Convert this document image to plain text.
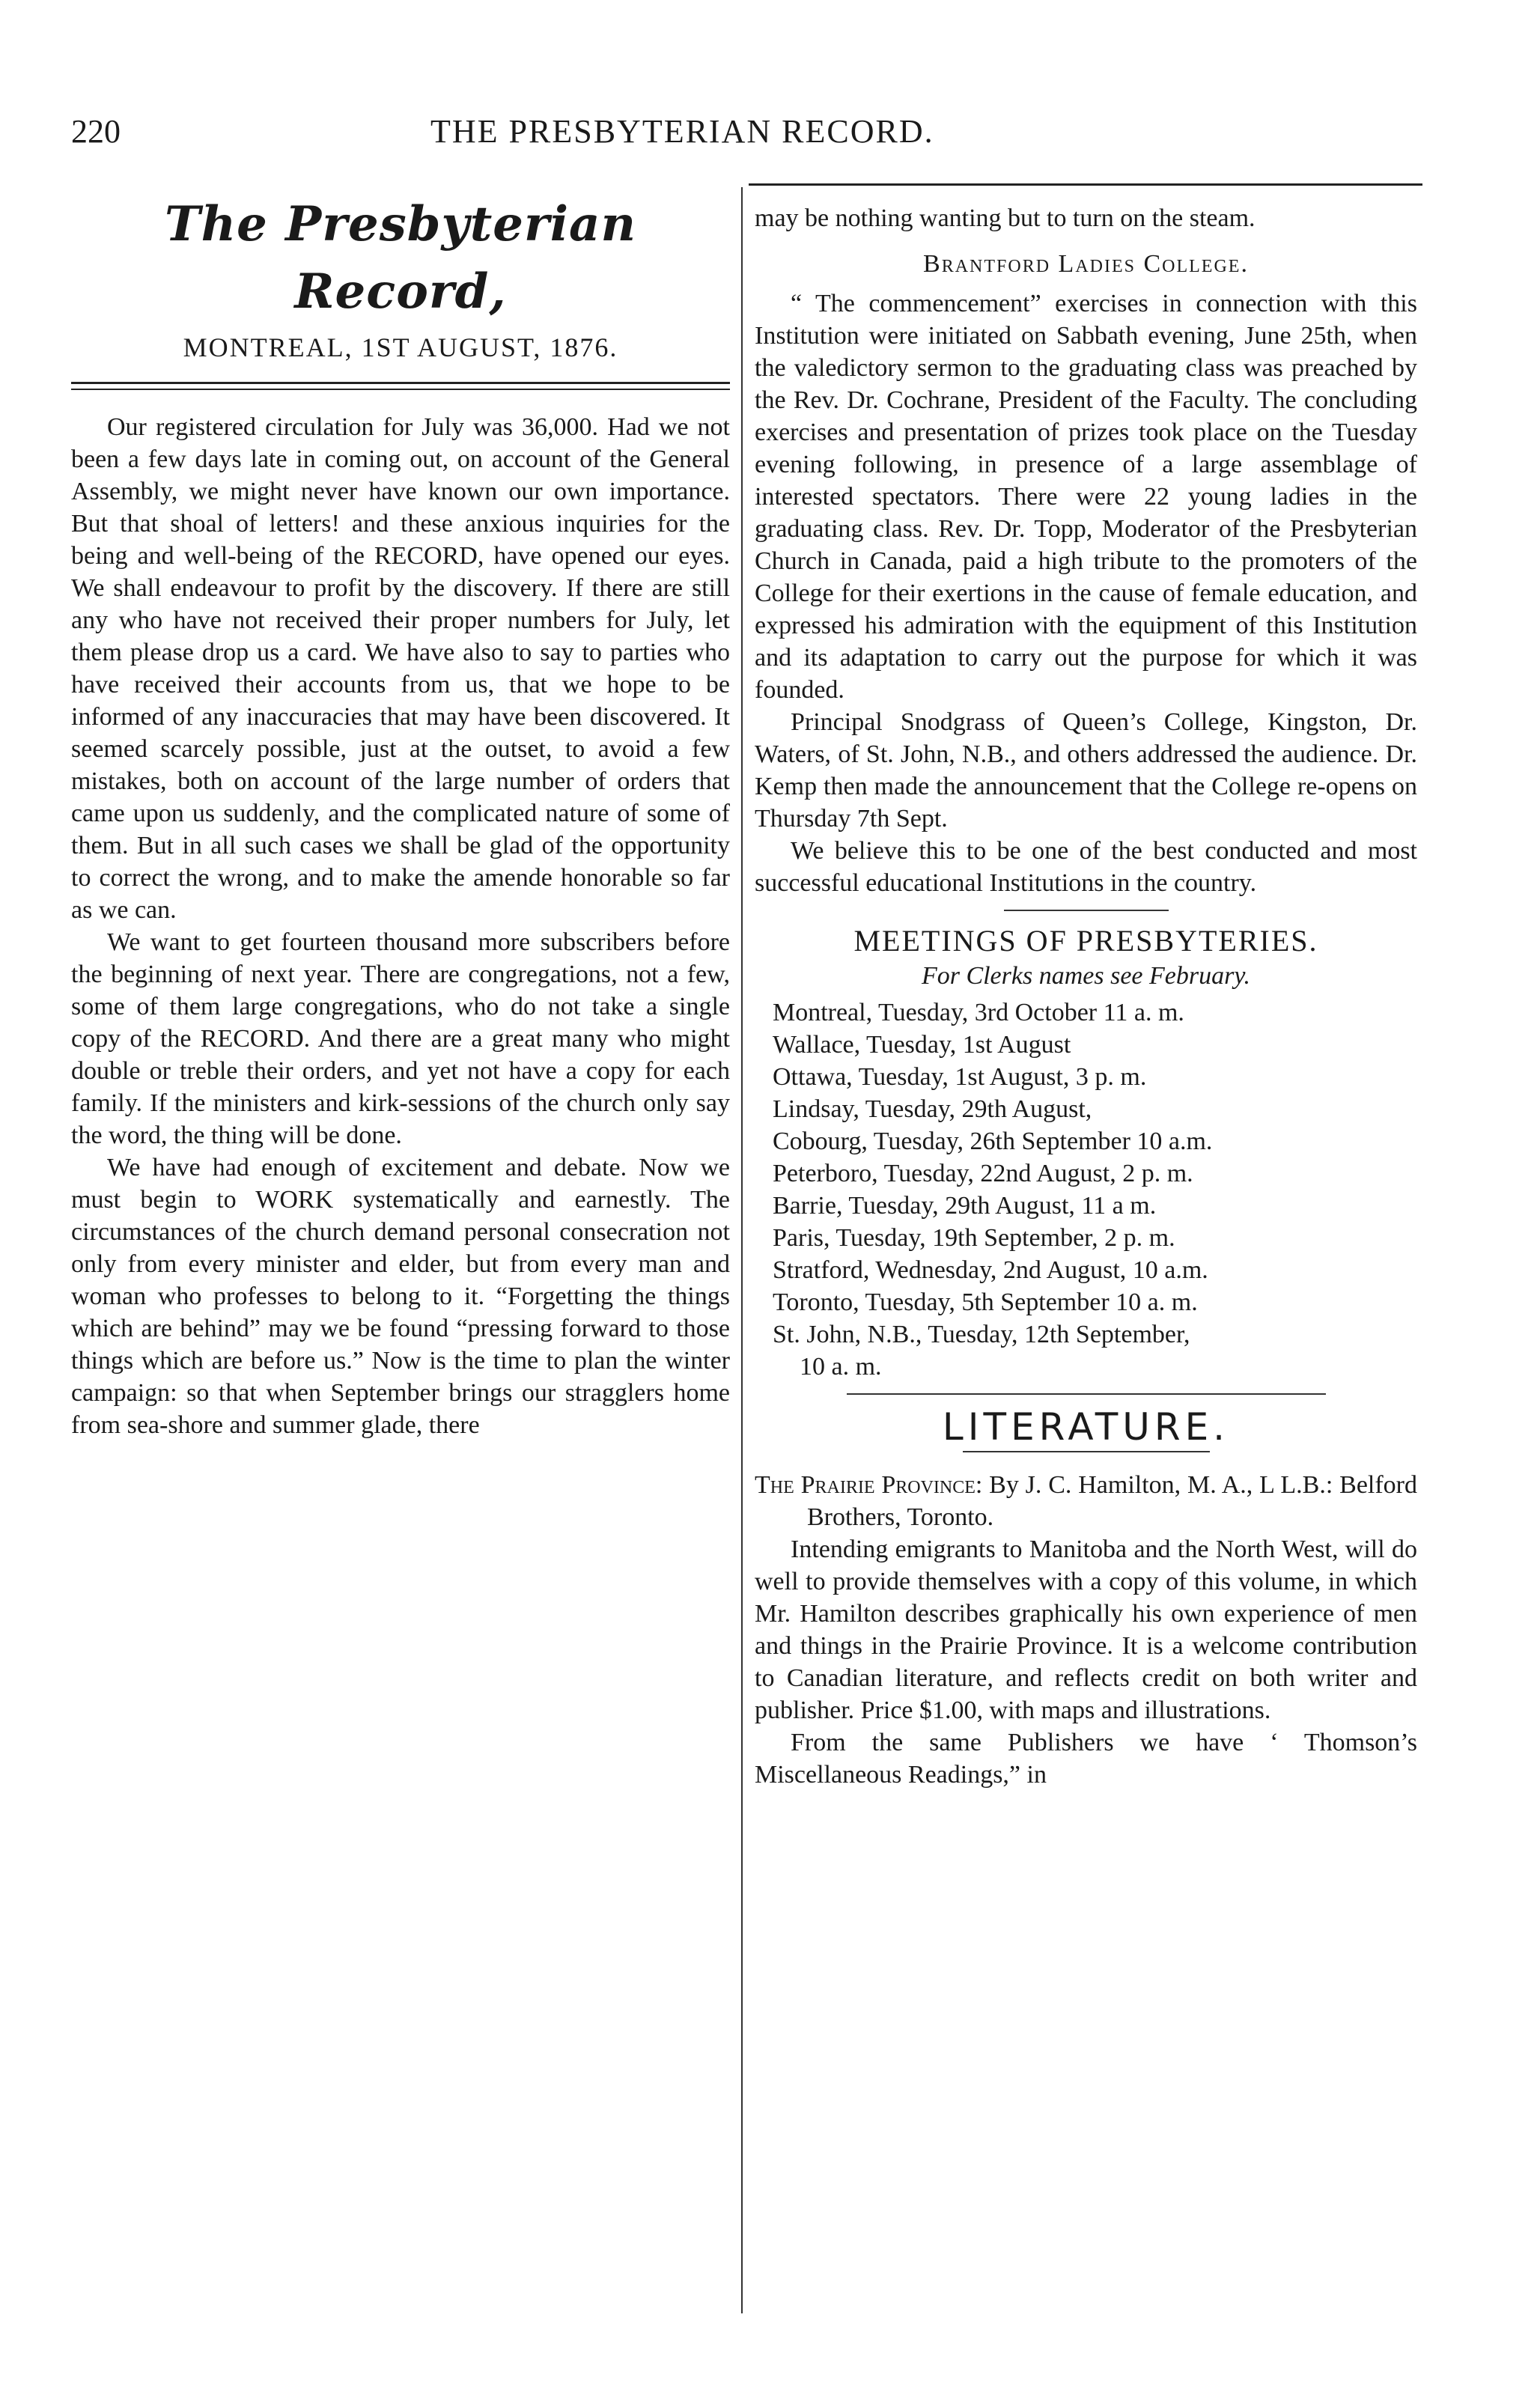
220	THE PRESBYTERIAN RECORD.
The Presbyterian Record,
MONTREAL, 1ST AUGUST, 1876.

Our registered circulation for July was 36,000. Had we not been a few days late in coming out, on account of the General Assembly, we might never have known our own importance. But that shoal of letters! and these anxious inquiries for the being and well-being of the RECORD, have opened our eyes. We shall endeavour to profit by the discovery. If there are still any who have not received their proper numbers for July, let them please drop us a card. We have also to say to parties who have received their accounts from us, that we hope to be informed of any inaccuracies that may have been discovered. It seemed scarcely possible, just at the outset, to avoid a few mistakes, both on account of the large number of orders that came upon us suddenly, and the complicated nature of some of them. But in all such cases we shall be glad of the opportunity to correct the wrong, and to make the amende honorable so far as we can.

We want to get fourteen thousand more subscribers before the beginning of next year. There are congregations, not a few, some of them large congregations, who do not take a single copy of the RECORD. And there are a great many who might double or treble their orders, and yet not have a copy for each family. If the ministers and kirk-sessions of the church only say the word, the thing will be done.

We have had enough of excitement and debate. Now we must begin to WORK systematically and earnestly. The circumstances of the church demand personal consecration not only from every minister and elder, but from every man and woman who professes to belong to it. “Forgetting the things which are behind” may we be found “pressing forward to those things which are before us.” Now is the time to plan the winter campaign: so that when September brings our stragglers home from sea-shore and summer glade, there

may be nothing wanting but to turn on the steam.

Brantford Ladies College.

“ The commencement” exercises in connection with this Institution were initiated on Sabbath evening, June 25th, when the valedictory sermon to the graduating class was preached by the Rev. Dr. Cochrane, President of the Faculty. The concluding exercises and presentation of prizes took place on the Tuesday evening following, in presence of a large assemblage of interested spectators. There were 22 young ladies in the graduating class. Rev. Dr. Topp, Moderator of the Presbyterian Church in Canada, paid a high tribute to the promoters of the College for their exertions in the cause of female education, and expressed his admiration with the equipment of this Institution and its adaptation to carry out the purpose for which it was founded.

Principal Snodgrass of Queen’s College, Kingston, Dr. Waters, of St. John, N.B., and others addressed the audience. Dr. Kemp then made the announcement that the College re-opens on Thursday 7th Sept.

We believe this to be one of the best conducted and most successful educational Institutions in the country.

MEETINGS OF PRESBYTERIES.
For Clerks names see February.

Montreal, Tuesday, 3rd October 11 a. m.

Wallace, Tuesday, 1st August

Ottawa, Tuesday, 1st August, 3 p. m.

Lindsay, Tuesday, 29th August,

Cobourg, Tuesday, 26th September 10 a.m.

Peterboro, Tuesday, 22nd August, 2 p. m.

Barrie, Tuesday, 29th August, 11 a m.

Paris, Tuesday, 19th September, 2 p. m.

Stratford, Wednesday, 2nd August, 10 a.m.

Toronto, Tuesday, 5th September 10 a. m.

St. John, N.B., Tuesday, 12th September,

10 a. m.

LITERATURE.

The Prairie Province: By J. C. Hamilton, M. A., L L.B.: Belford Brothers, Toronto.

Intending emigrants to Manitoba and the North West, will do well to provide themselves with a copy of this volume, in which Mr. Hamilton describes graphically his own experience of men and things in the Prairie Province. It is a welcome contribution to Canadian literature, and reflects credit on both writer and publisher. Price $1.00, with maps and illustrations.

From the same Publishers we have ‘ Thomson’s Miscellaneous Readings,” in
